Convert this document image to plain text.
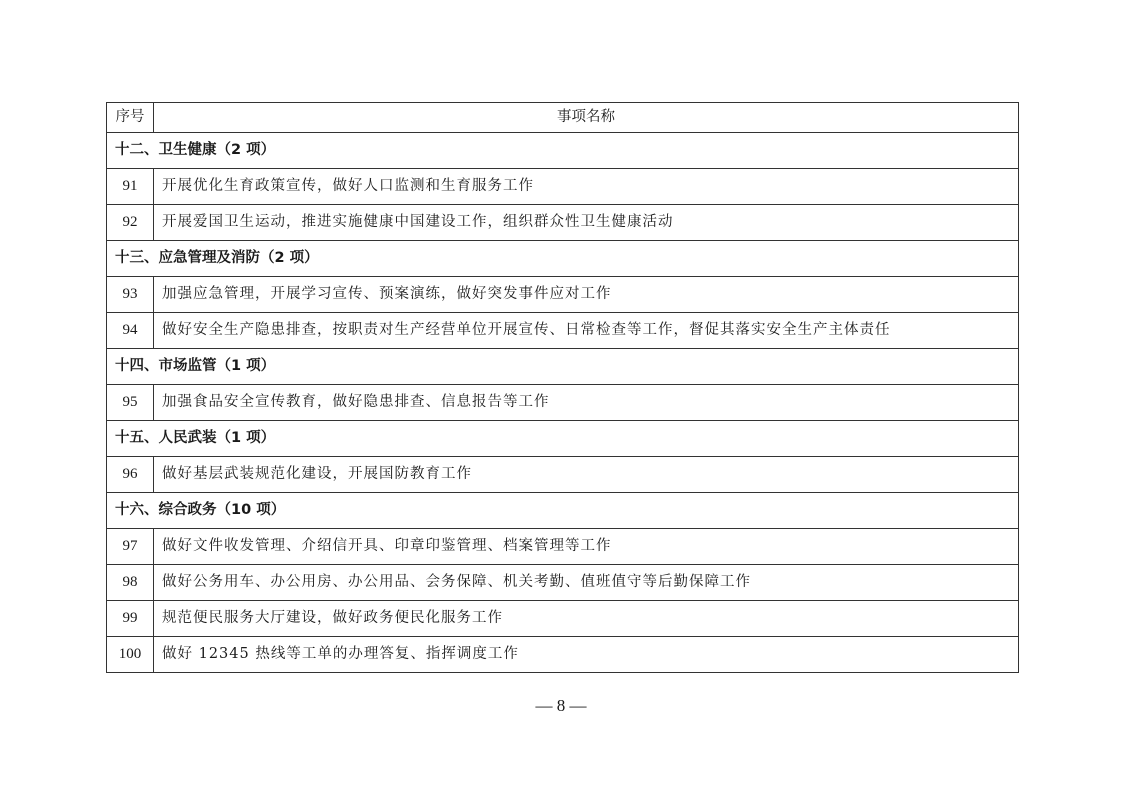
序号	事项名称
十二、卫生健康（2 项）	
91	开展优化生育政策宣传，做好人口监测和生育服务工作
92	开展爱国卫生运动，推进实施健康中国建设工作，组织群众性卫生健康活动
十三、应急管理及消防（2 项）	
93	加强应急管理，开展学习宣传、预案演练，做好突发事件应对工作
94	做好安全生产隐患排查，按职责对生产经营单位开展宣传、日常检查等工作，督促其落实安全生产主体责任
十四、市场监管（1 项）	
95	加强食品安全宣传教育，做好隐患排查、信息报告等工作
十五、人民武装（1 项）	
96	做好基层武装规范化建设，开展国防教育工作
十六、综合政务（10 项）	
97	做好文件收发管理、介绍信开具、印章印鉴管理、档案管理等工作
98	做好公务用车、办公用房、办公用品、会务保障、机关考勤、值班值守等后勤保障工作
99	规范便民服务大厅建设，做好政务便民化服务工作
100	做好 12345 热线等工单的办理答复、指挥调度工作
— 8 —
